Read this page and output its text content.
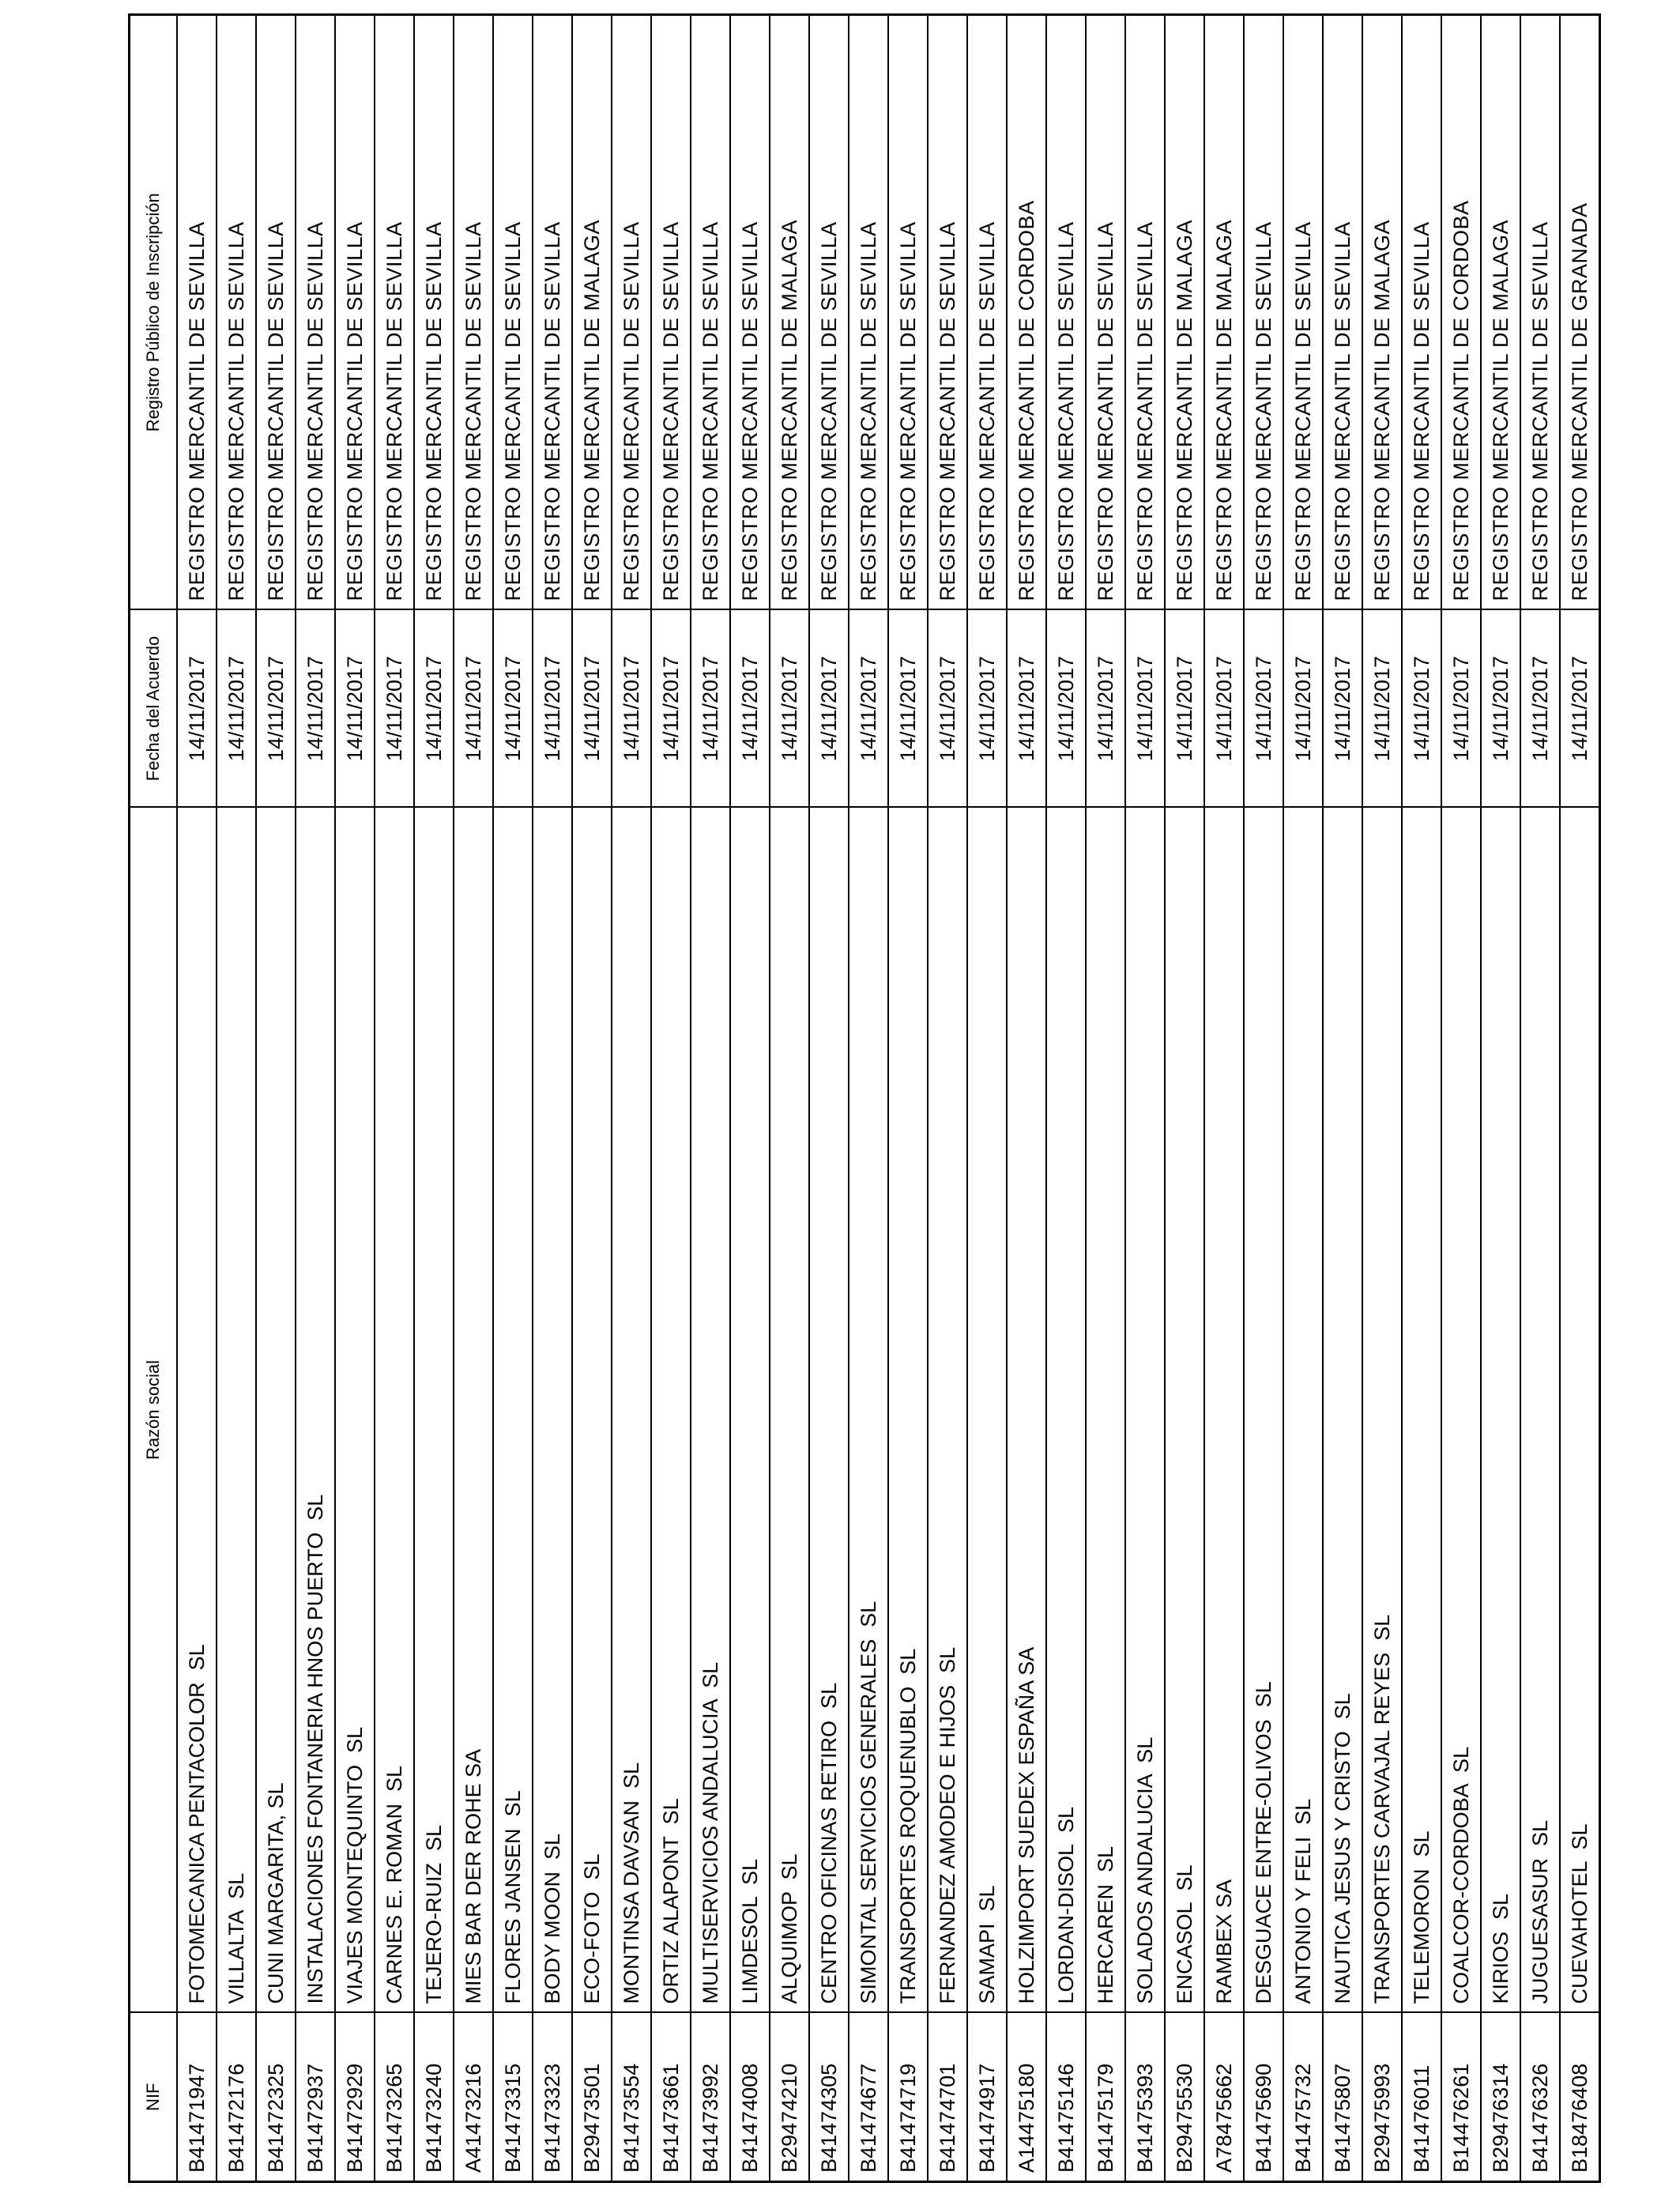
NIF	Razón social	Fecha del Acuerdo	Registro Público de Inscripción
B41471947	FOTOMECANICA PENTACOLOR  SL	14/11/2017	REGISTRO MERCANTIL DE SEVILLA
B41472176	VILLALTA  SL	14/11/2017	REGISTRO MERCANTIL DE SEVILLA
B41472325	CUNI MARGARITA, SL	14/11/2017	REGISTRO MERCANTIL DE SEVILLA
B41472937	INSTALACIONES FONTANERIA HNOS PUERTO  SL	14/11/2017	REGISTRO MERCANTIL DE SEVILLA
B41472929	VIAJES MONTEQUINTO  SL	14/11/2017	REGISTRO MERCANTIL DE SEVILLA
B41473265	CARNES E. ROMAN  SL	14/11/2017	REGISTRO MERCANTIL DE SEVILLA
B41473240	TEJERO-RUIZ  SL	14/11/2017	REGISTRO MERCANTIL DE SEVILLA
A41473216	MIES BAR DER ROHE SA	14/11/2017	REGISTRO MERCANTIL DE SEVILLA
B41473315	FLORES JANSEN  SL	14/11/2017	REGISTRO MERCANTIL DE SEVILLA
B41473323	BODY MOON  SL	14/11/2017	REGISTRO MERCANTIL DE SEVILLA
B29473501	ECO-FOTO  SL	14/11/2017	REGISTRO MERCANTIL DE MALAGA
B41473554	MONTINSA DAVSAN  SL	14/11/2017	REGISTRO MERCANTIL DE SEVILLA
B41473661	ORTIZ ALAPONT  SL	14/11/2017	REGISTRO MERCANTIL DE SEVILLA
B41473992	MULTISERVICIOS ANDALUCIA  SL	14/11/2017	REGISTRO MERCANTIL DE SEVILLA
B41474008	LIMDESOL  SL	14/11/2017	REGISTRO MERCANTIL DE SEVILLA
B29474210	ALQUIMOP  SL	14/11/2017	REGISTRO MERCANTIL DE MALAGA
B41474305	CENTRO OFICINAS RETIRO  SL	14/11/2017	REGISTRO MERCANTIL DE SEVILLA
B41474677	SIMONTAL SERVICIOS GENERALES  SL	14/11/2017	REGISTRO MERCANTIL DE SEVILLA
B41474719	TRANSPORTES ROQUENUBLO  SL	14/11/2017	REGISTRO MERCANTIL DE SEVILLA
B41474701	FERNANDEZ AMODEO E HIJOS  SL	14/11/2017	REGISTRO MERCANTIL DE SEVILLA
B41474917	SAMAPI  SL	14/11/2017	REGISTRO MERCANTIL DE SEVILLA
A14475180	HOLZIMPORT SUEDEX ESPAÑA SA	14/11/2017	REGISTRO MERCANTIL DE CORDOBA
B41475146	LORDAN-DISOL  SL	14/11/2017	REGISTRO MERCANTIL DE SEVILLA
B41475179	HERCAREN  SL	14/11/2017	REGISTRO MERCANTIL DE SEVILLA
B41475393	SOLADOS ANDALUCIA  SL	14/11/2017	REGISTRO MERCANTIL DE SEVILLA
B29475530	ENCASOL  SL	14/11/2017	REGISTRO MERCANTIL DE MALAGA
A78475662	RAMBEX SA	14/11/2017	REGISTRO MERCANTIL DE MALAGA
B41475690	DESGUACE ENTRE-OLIVOS  SL	14/11/2017	REGISTRO MERCANTIL DE SEVILLA
B41475732	ANTONIO Y FELI  SL	14/11/2017	REGISTRO MERCANTIL DE SEVILLA
B41475807	NAUTICA JESUS Y CRISTO  SL	14/11/2017	REGISTRO MERCANTIL DE SEVILLA
B29475993	TRANSPORTES CARVAJAL REYES  SL	14/11/2017	REGISTRO MERCANTIL DE MALAGA
B41476011	TELEMORON  SL	14/11/2017	REGISTRO MERCANTIL DE SEVILLA
B14476261	COALCOR-CORDOBA  SL	14/11/2017	REGISTRO MERCANTIL DE CORDOBA
B29476314	KIRIOS  SL	14/11/2017	REGISTRO MERCANTIL DE MALAGA
B41476326	JUGUESASUR  SL	14/11/2017	REGISTRO MERCANTIL DE SEVILLA
B18476408	CUEVAHOTEL  SL	14/11/2017	REGISTRO MERCANTIL DE GRANADA
